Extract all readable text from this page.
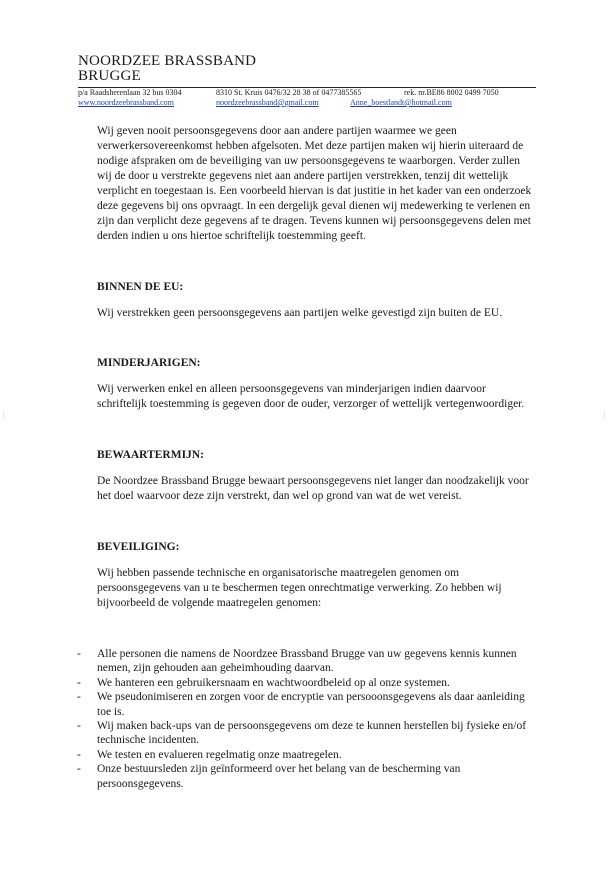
NOORDZEE BRASSBAND
BRUGGE
p/a Raadsherenlaan 32 bus 0304	8310 St. Kruis 0476/32 28 38 of 0477385565	rek. nr.BE86 8002 0499 7050
www.noordzeebrassband.com	noordzeebrassband@gmail.com	Anne_boestlandt@hotmail.com

Wij geven nooit persoonsgegevens door aan andere partijen waarmee we geen verwerkersovereenkomst hebben afgelsoten. Met deze partijen maken wij hierin uiteraard de nodige afspraken om de beveiliging van uw persoonsgegevens te waarborgen. Verder zullen wij de door u verstrekte gegevens niet aan andere partijen verstrekken, tenzij dit wettelijk verplicht en toegestaan is. Een voorbeeld hiervan is dat justitie in het kader van een onderzoek deze gegevens bij ons opvraagt. In een dergelijk geval dienen wij medewerking te verlenen en zijn dan verplicht deze gegevens af te dragen. Tevens kunnen wij persoonsgegevens delen met derden indien u ons hiertoe schriftelijk toestemming geeft.

BINNEN DE EU:

Wij verstrekken geen persoonsgegevens aan partijen welke gevestigd zijn buiten de EU.

MINDERJARIGEN:

Wij verwerken enkel en alleen persoonsgegevens van minderjarigen indien daarvoor schriftelijk toestemming is gegeven door de ouder, verzorger of wettelijk vertegenwoordiger.

BEWAARTERMIJN:

De Noordzee Brassband Brugge bewaart persoonsgegevens niet langer dan noodzakelijk voor het doel waarvoor deze zijn verstrekt, dan wel op grond van wat de wet vereist.

BEVEILIGING:

Wij hebben passende technische en organisatorische maatregelen genomen om persoonsgegevens van u te beschermen tegen onrechtmatige verwerking. Zo hebben wij bijvoorbeeld de volgende maatregelen genomen:

- Alle personen die namens de Noordzee Brassband Brugge van uw gegevens kennis kunnen nemen, zijn gehouden aan geheimhouding daarvan.
- We hanteren een gebruikersnaam en wachtwoordbeleid op al onze systemen.
- We pseudonimiseren en zorgen voor de encryptie van persooonsgegevens als daar aanleiding toe is.
- Wij maken back-ups van de persoonsgegevens om deze te kunnen herstellen bij fysieke en/of technische incidenten.
- We testen en evalueren regelmatig onze maatregelen.
- Onze bestuursleden zijn geïnformeerd over het belang van de bescherming van persoonsgegevens.
